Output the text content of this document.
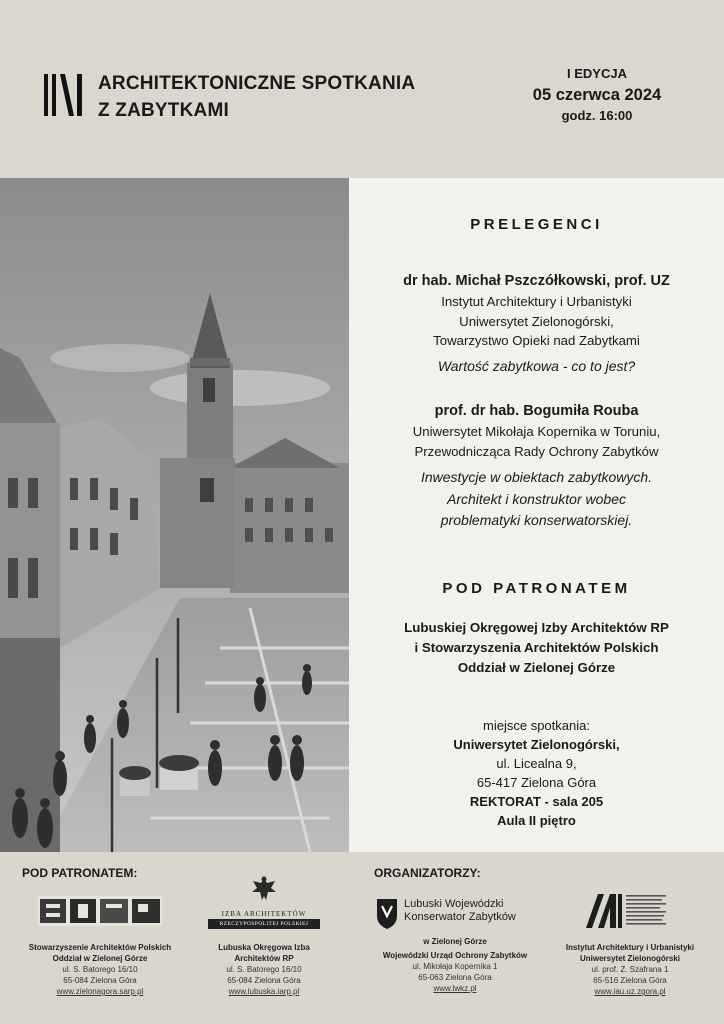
ARCHITEKTONICZNE SPOTKANIA
Z ZABYTKAMI
I EDYCJA
05 czerwca 2024
godz. 16:00
PRELEGENCI
dr hab. Michał Pszczółkowski, prof. UZ
Instytut Architektury i Urbanistyki
Uniwersytet Zielonogórski,
Towarzystwo Opieki nad Zabytkami
Wartość zabytkowa - co to jest?
prof. dr hab. Bogumiła Rouba
Uniwersytet Mikołaja Kopernika w Toruniu,
Przewodnicząca Rady Ochrony Zabytków
Inwestycje w obiektach zabytkowych.
Architekt i konstruktor wobec
problematyki konserwatorskiej.
POD PATRONATEM
Lubuskiej Okręgowej Izby Architektów RP
i Stowarzyszenia Architektów Polskich
Oddział w Zielonej Górze
miejsce spotkania:
Uniwersytet Zielonogórski,
ul. Licealna 9,
65-417 Zielona Góra
REKTORAT - sala 205
Aula II piętro
POD PATRONATEM:	ORGANIZATORZY:
Stowarzyszenie Architektów Polskich
Oddział w Zielonej Górze
ul. S. Batorego 16/10
65-084 Zielona Góra
www.zielonagora.sarp.pl
IZBA ARCHITEKTÓW
RZECZYPOSPOLITEJ POLSKIEJ
Lubuska Okręgowa Izba
Architektów RP
ul. S. Batorego 16/10
65-084 Zielona Góra
www.lubuska.iarp.pl
Lubuski Wojewódzki
Konserwator Zabytków
w Zielonej Górze
Wojewódzki Urząd Ochrony Zabytków
ul. Mikołaja Kopernika 1
65-063 Zielona Góra
www.lwkz.pl
Instytut Architektury i Urbanistyki
Uniwersytet Zielonogórski
ul. prof. Z. Szafrana 1
65-516 Zielona Góra
www.iau.uz.zgora.pl
